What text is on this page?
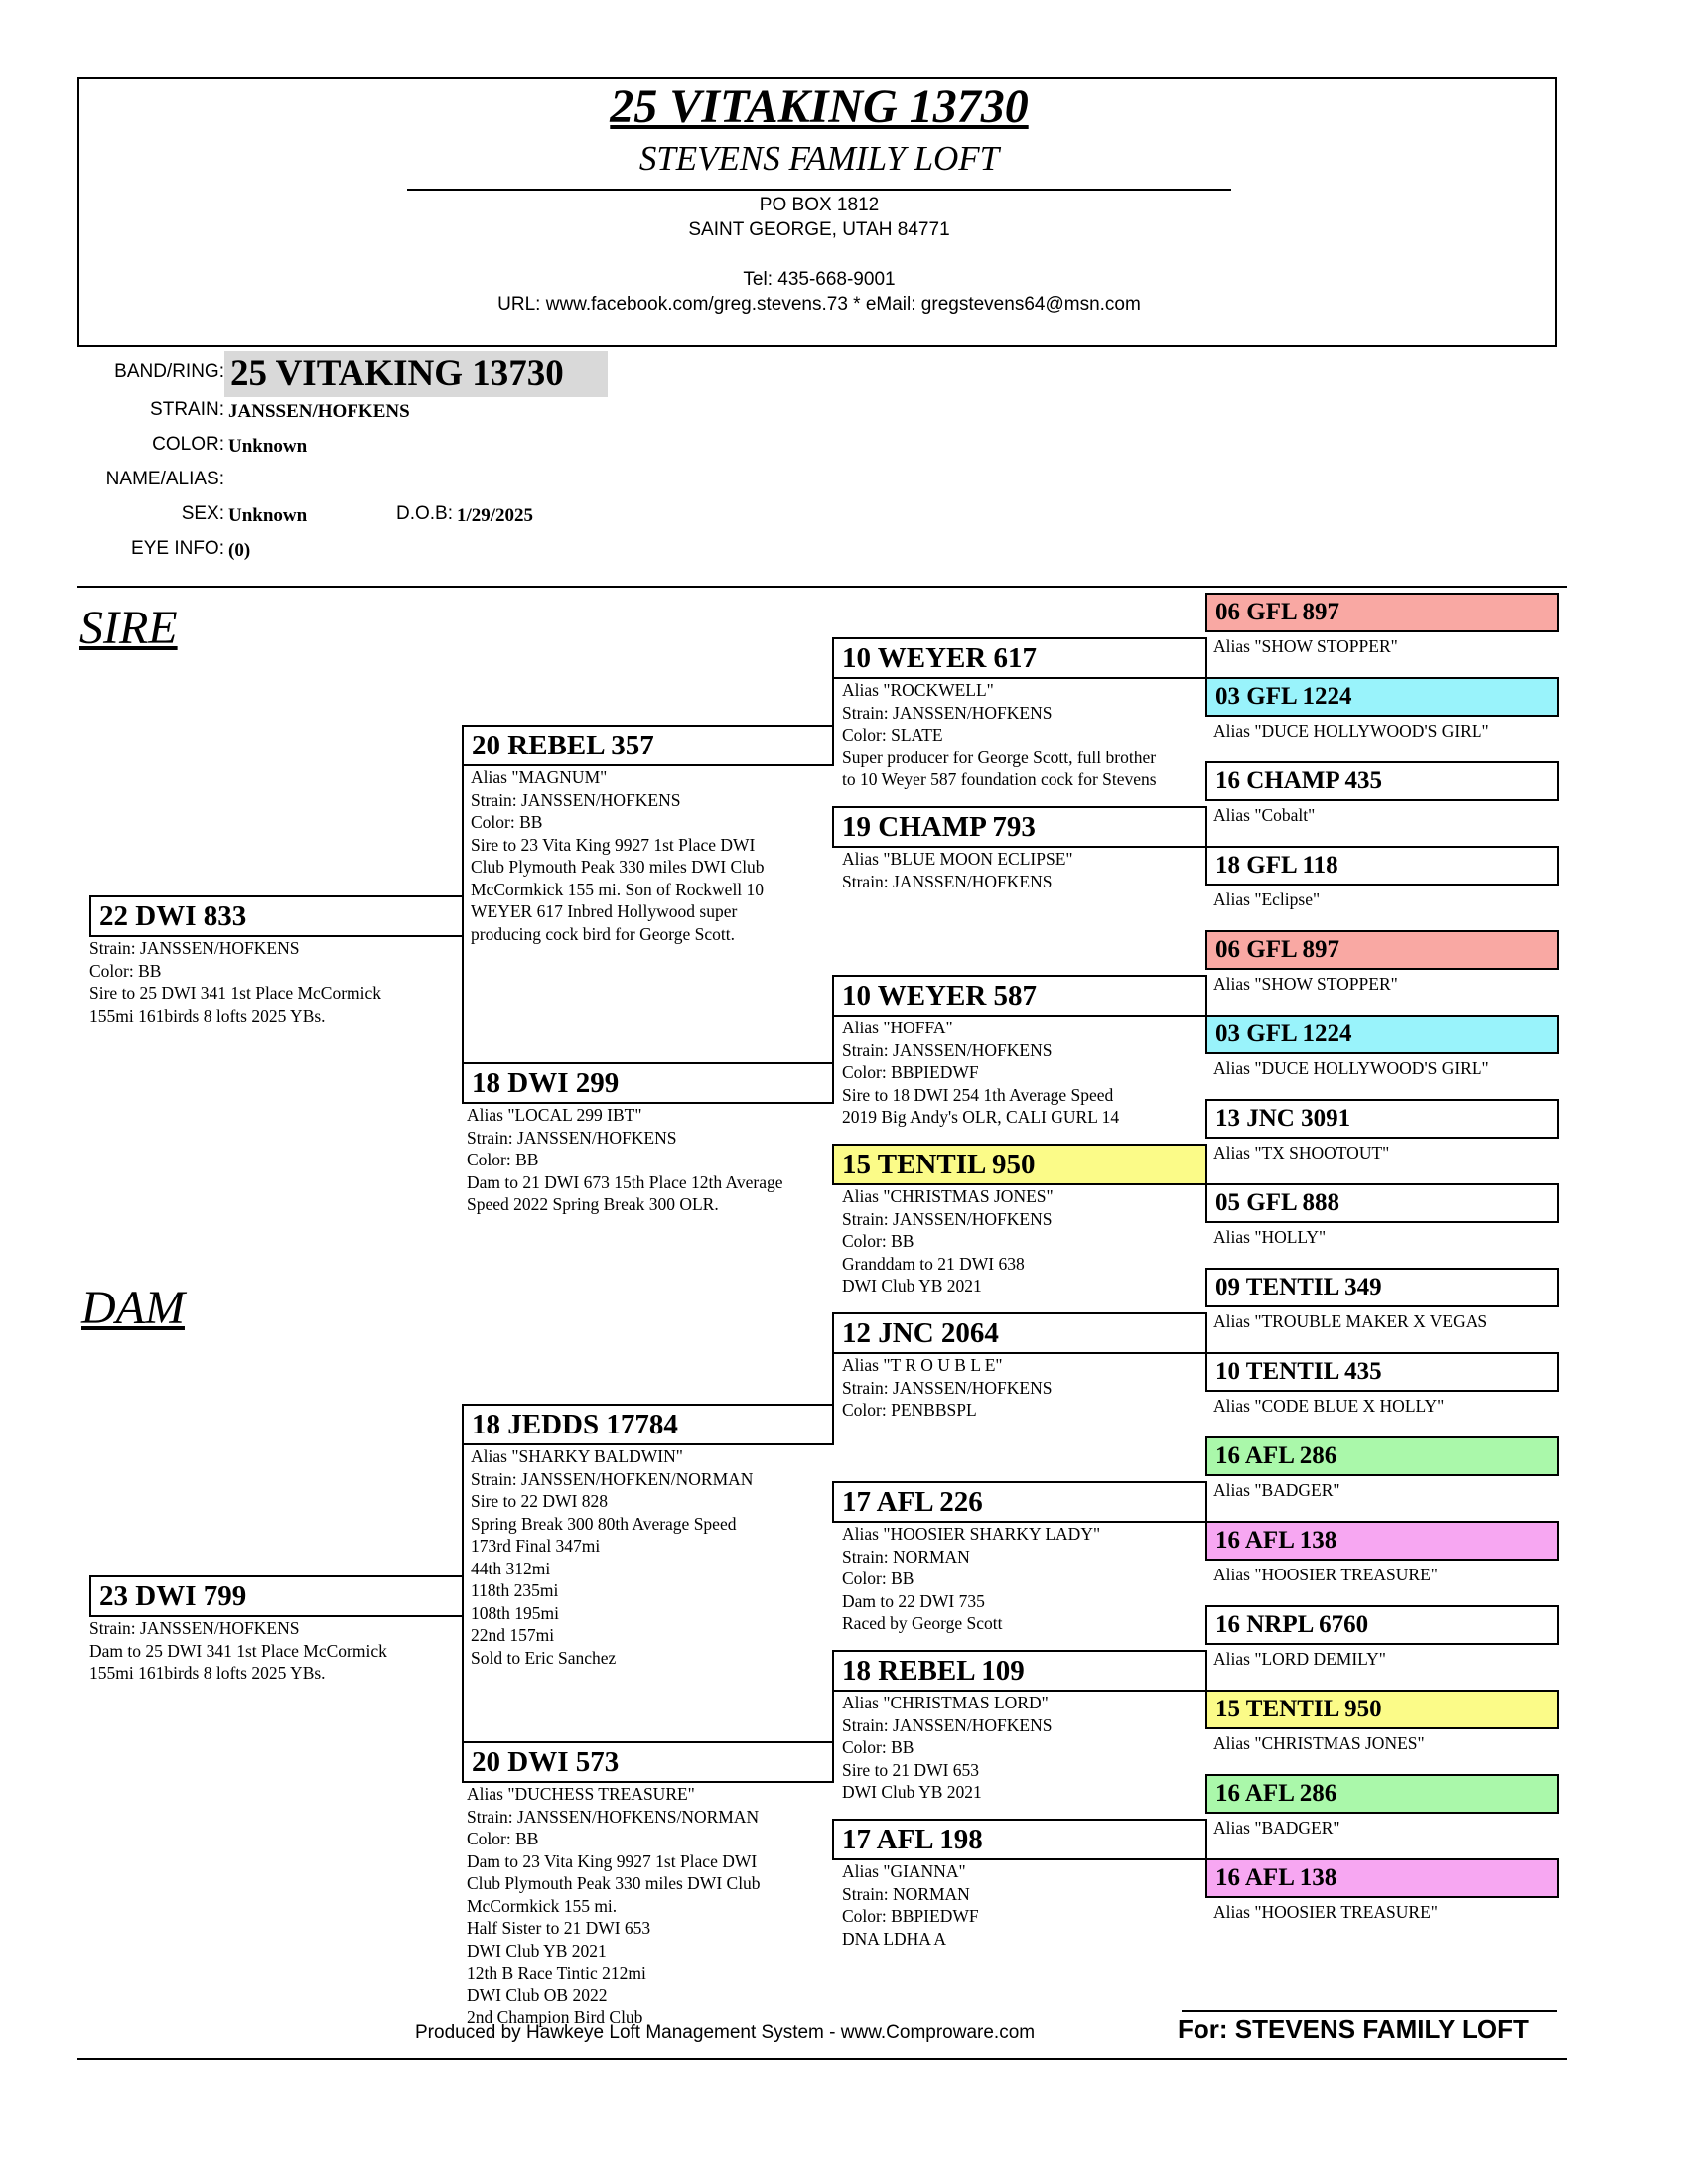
25 VITAKING 13730
STEVENS FAMILY LOFT
PO BOX 1812
SAINT GEORGE, UTAH 84771
Tel: 435-668-9001
URL: www.facebook.com/greg.stevens.73 * eMail: gregstevens64@msn.com
BAND/RING: 25 VITAKING 13730
STRAIN: JANSSEN/HOFKENS
COLOR: Unknown
NAME/ALIAS:
SEX: Unknown	D.O.B: 1/29/2025
EYE INFO: (0)
SIRE
DAM
22 DWI 833
Strain: JANSSEN/HOFKENS
Color: BB
Sire to 25 DWI 341 1st Place McCormick
155mi 161birds 8 lofts 2025 YBs.
23 DWI 799
Strain: JANSSEN/HOFKENS
Dam to 25 DWI 341 1st Place McCormick
155mi 161birds 8 lofts 2025 YBs.
20 REBEL 357
Alias "MAGNUM"
Strain: JANSSEN/HOFKENS
Color: BB
Sire to 23 Vita King 9927 1st Place DWI
Club Plymouth Peak 330 miles DWI Club
McCormkick 155 mi. Son of Rockwell 10
WEYER 617 Inbred Hollywood super
producing cock bird for George Scott.
18 DWI 299
Alias "LOCAL 299 IBT"
Strain: JANSSEN/HOFKENS
Color: BB
Dam to 21 DWI 673 15th Place 12th Average
Speed 2022 Spring Break 300 OLR.
18 JEDDS 17784
Alias "SHARKY BALDWIN"
Strain: JANSSEN/HOFKEN/NORMAN
Sire to 22 DWI 828
Spring Break 300 80th Average Speed
173rd Final 347mi
44th 312mi
118th 235mi
108th 195mi
22nd 157mi
Sold to Eric Sanchez
20 DWI 573
Alias "DUCHESS TREASURE"
Strain: JANSSEN/HOFKENS/NORMAN
Color: BB
Dam to 23 Vita King 9927 1st Place DWI
Club Plymouth Peak 330 miles DWI Club
McCormkick 155 mi.
Half Sister to 21 DWI 653
DWI Club YB 2021
12th B Race Tintic 212mi
DWI Club OB 2022
2nd Champion Bird Club
10 WEYER 617
Alias "ROCKWELL"
Strain: JANSSEN/HOFKENS
Color: SLATE
Super producer for George Scott, full brother
to 10 Weyer 587 foundation cock for Stevens
19 CHAMP 793
Alias "BLUE MOON ECLIPSE"
Strain: JANSSEN/HOFKENS
10 WEYER 587
Alias "HOFFA"
Strain: JANSSEN/HOFKENS
Color: BBPIEDWF
Sire to 18 DWI 254 1th Average Speed
2019 Big Andy's OLR, CALI GURL 14
15 TENTIL 950
Alias "CHRISTMAS JONES"
Strain: JANSSEN/HOFKENS
Color: BB
Granddam to 21 DWI 638
DWI Club YB 2021
12 JNC 2064
Alias "T R O U B L E"
Strain: JANSSEN/HOFKENS
Color: PENBBSPL
17 AFL 226
Alias "HOOSIER SHARKY LADY"
Strain: NORMAN
Color: BB
Dam to 22 DWI 735
Raced by George Scott
18 REBEL 109
Alias "CHRISTMAS LORD"
Strain: JANSSEN/HOFKENS
Color: BB
Sire to 21 DWI 653
DWI Club YB 2021
17 AFL 198
Alias "GIANNA"
Strain: NORMAN
Color: BBPIEDWF
DNA LDHA A
06 GFL 897
Alias "SHOW STOPPER"
03 GFL 1224
Alias "DUCE HOLLYWOOD'S GIRL"
16 CHAMP 435
Alias "Cobalt"
18 GFL 118
Alias "Eclipse"
06 GFL 897
Alias "SHOW STOPPER"
03 GFL 1224
Alias "DUCE HOLLYWOOD'S GIRL"
13 JNC 3091
Alias "TX SHOOTOUT"
05 GFL 888
Alias "HOLLY"
09 TENTIL 349
Alias "TROUBLE MAKER X VEGAS
10 TENTIL 435
Alias "CODE BLUE X HOLLY"
16 AFL 286
Alias "BADGER"
16 AFL 138
Alias "HOOSIER TREASURE"
16 NRPL 6760
Alias "LORD DEMILY"
15 TENTIL 950
Alias "CHRISTMAS JONES"
16 AFL 286
Alias "BADGER"
16 AFL 138
Alias "HOOSIER TREASURE"
Produced by Hawkeye Loft Management System - www.Comproware.com	For: STEVENS FAMILY LOFT
